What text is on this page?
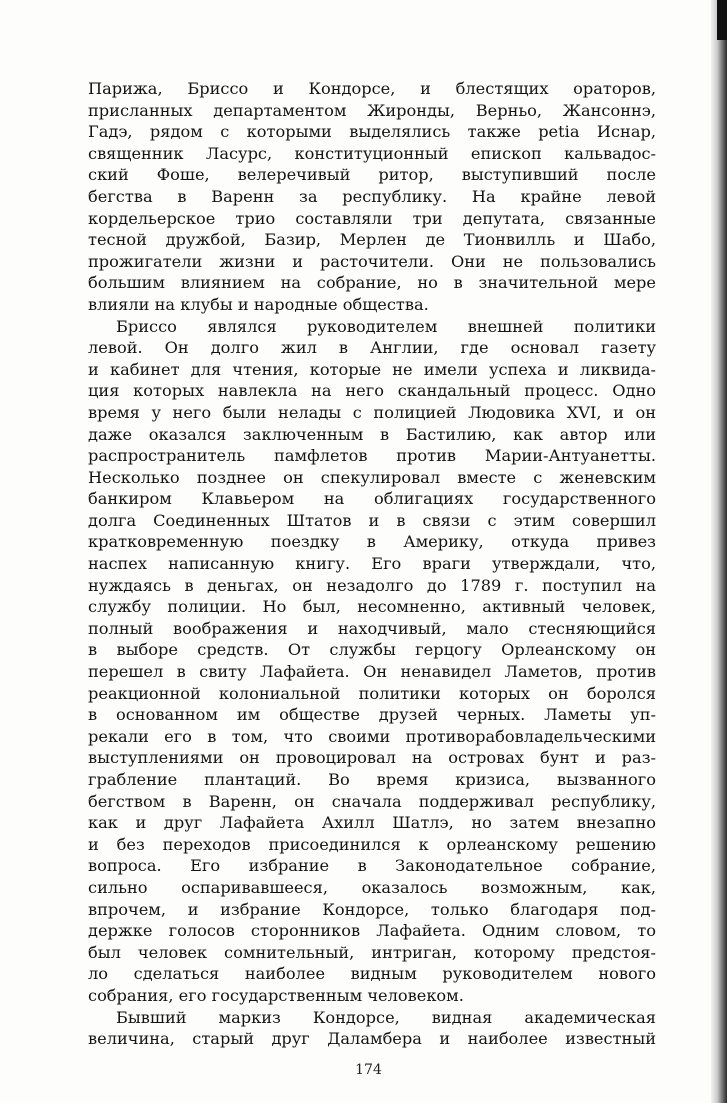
Парижа, Бриссо и Кондорсе, и блестящих ораторов,
присланных департаментом Жиронды, Верньо, Жансоннэ,
Гадэ, рядом с которыми выделялись также petia Иснар,
священник Ласурс, конституционный епископ кальвадос-
ский Фоше, велеречивый ритор, выступивший после
бегства в Варенн за республику. На крайне левой
кордельерское трио составляли три депутата, связанные
тесной дружбой, Базир, Мерлен де Тионвилль и Шабо,
прожигатели жизни и расточители. Они не пользовались
большим влиянием на собрание, но в значительной мере
влияли на клубы и народные общества.
Бриссо являлся руководителем внешней политики
левой. Он долго жил в Англии, где основал газету
и кабинет для чтения, которые не имели успеха и ликвида-
ция которых навлекла на него скандальный процесс. Одно
время у него были нелады с полицией Людовика XVI, и он
даже оказался заключенным в Бастилию, как автор или
распространитель памфлетов против Марии-Антуанетты.
Несколько позднее он спекулировал вместе с женевским
банкиром Клавьером на облигациях государственного
долга Соединенных Штатов и в связи с этим совершил
кратковременную поездку в Америку, откуда привез
наспех написанную книгу. Его враги утверждали, что,
нуждаясь в деньгах, он незадолго до 1789 г. поступил на
службу полиции. Но был, несомненно, активный человек,
полный воображения и находчивый, мало стесняющийся
в выборе средств. От службы герцогу Орлеанскому он
перешел в свиту Лафайета. Он ненавидел Ламетов, против
реакционной колониальной политики которых он боролся
в основанном им обществе друзей черных. Ламеты уп-
рекали его в том, что своими противорабовладельческими
выступлениями он провоцировал на островах бунт и раз-
грабление плантаций. Во время кризиса, вызванного
бегством в Варенн, он сначала поддерживал республику,
как и друг Лафайета Ахилл Шатлэ, но затем внезапно
и без переходов присоединился к орлеанскому решению
вопроса. Его избрание в Законодательное собрание,
сильно оспаривавшееся, оказалось возможным, как,
впрочем, и избрание Кондорсе, только благодаря под-
держке голосов сторонников Лафайета. Одним словом, то
был человек сомнительный, интриган, которому предстоя-
ло сделаться наиболее видным руководителем нового
собрания, его государственным человеком.
Бывший маркиз Кондорсе, видная академическая
величина, старый друг Даламбера и наиболее известный
174
